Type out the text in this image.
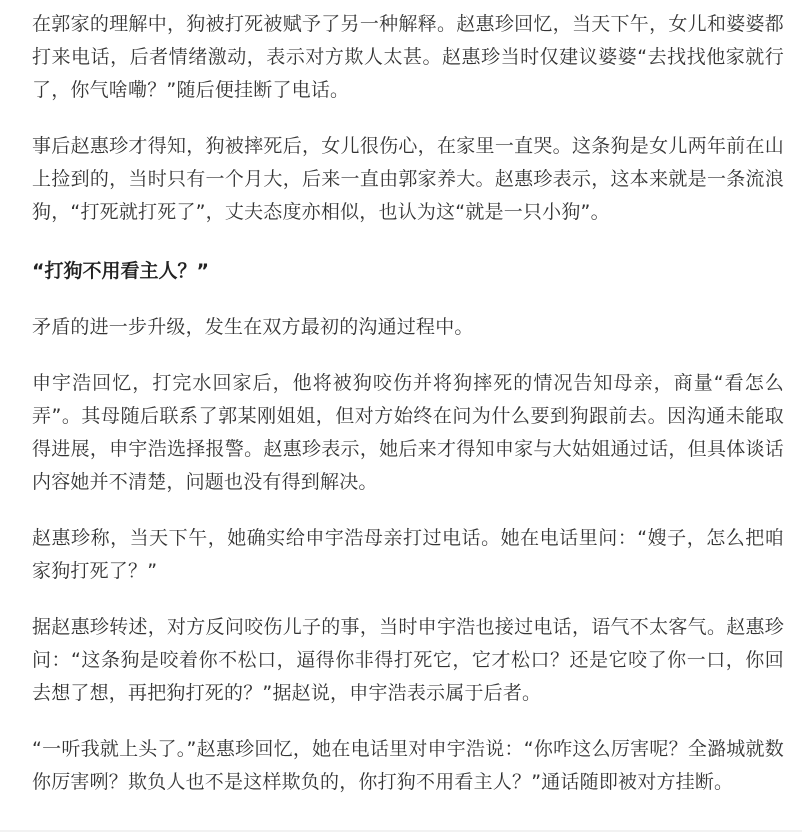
在郭家的理解中，狗被打死被赋予了另一种解释。赵惠珍回忆，当天下午，女儿和婆婆都打来电话，后者情绪激动，表示对方欺人太甚。赵惠珍当时仅建议婆婆“去找找他家就行了，你气啥嘞？”随后便挂断了电话。

事后赵惠珍才得知，狗被摔死后，女儿很伤心，在家里一直哭。这条狗是女儿两年前在山上捡到的，当时只有一个月大，后来一直由郭家养大。赵惠珍表示，这本来就是一条流浪狗，“打死就打死了”，丈夫态度亦相似，也认为这“就是一只小狗”。

“打狗不用看主人？”

矛盾的进一步升级，发生在双方最初的沟通过程中。

申宇浩回忆，打完水回家后，他将被狗咬伤并将狗摔死的情况告知母亲，商量“看怎么弄”。其母随后联系了郭某刚姐姐，但对方始终在问为什么要到狗跟前去。因沟通未能取得进展，申宇浩选择报警。赵惠珍表示，她后来才得知申家与大姑姐通过话，但具体谈话内容她并不清楚，问题也没有得到解决。

赵惠珍称，当天下午，她确实给申宇浩母亲打过电话。她在电话里问：“嫂子，怎么把咱家狗打死了？”

据赵惠珍转述，对方反问咬伤儿子的事，当时申宇浩也接过电话，语气不太客气。赵惠珍问：“这条狗是咬着你不松口，逼得你非得打死它，它才松口？还是它咬了你一口，你回去想了想，再把狗打死的？”据赵说，申宇浩表示属于后者。

“一听我就上头了。”赵惠珍回忆，她在电话里对申宇浩说：“你咋这么厉害呢？全潞城就数你厉害咧？欺负人也不是这样欺负的，你打狗不用看主人？”通话随即被对方挂断。
